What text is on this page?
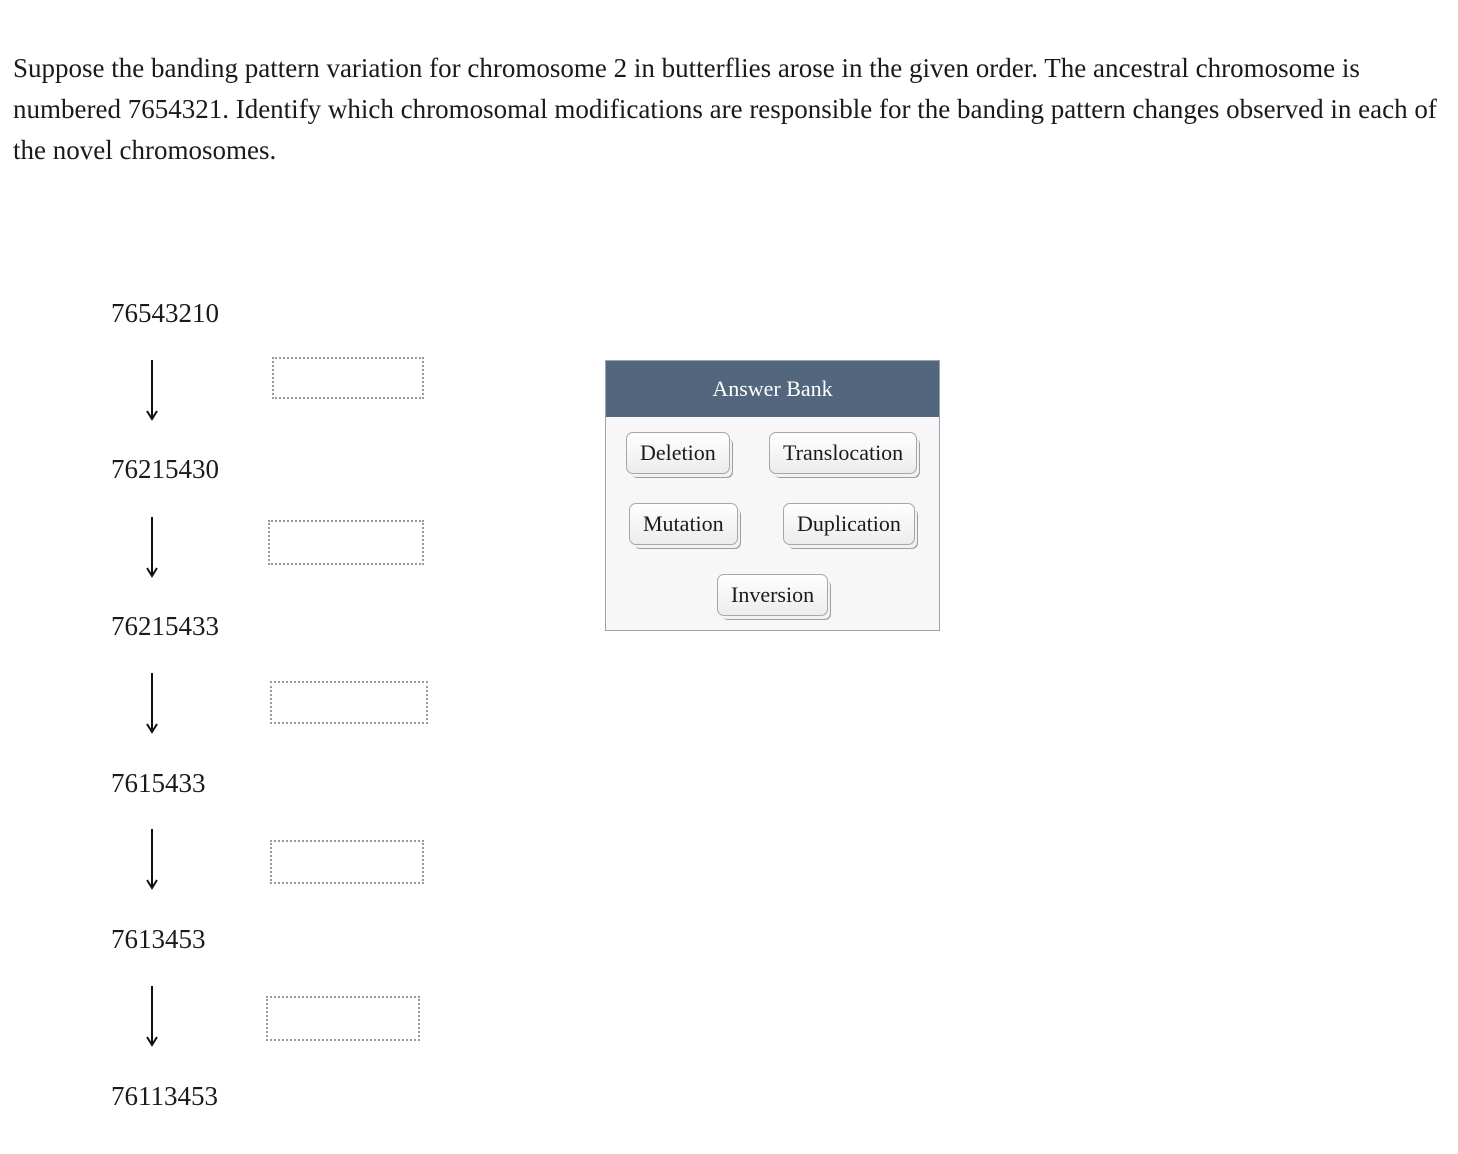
Suppose the banding pattern variation for chromosome 2 in butterflies arose in the given order. The ancestral chromosome is numbered 7654321. Identify which chromosomal modifications are responsible for the banding pattern changes observed in each of the novel chromosomes.

76543210
76215430
76215433
7615433
7613453
76113453
Answer Bank
Deletion	Translocation
Mutation	Duplication
Inversion
